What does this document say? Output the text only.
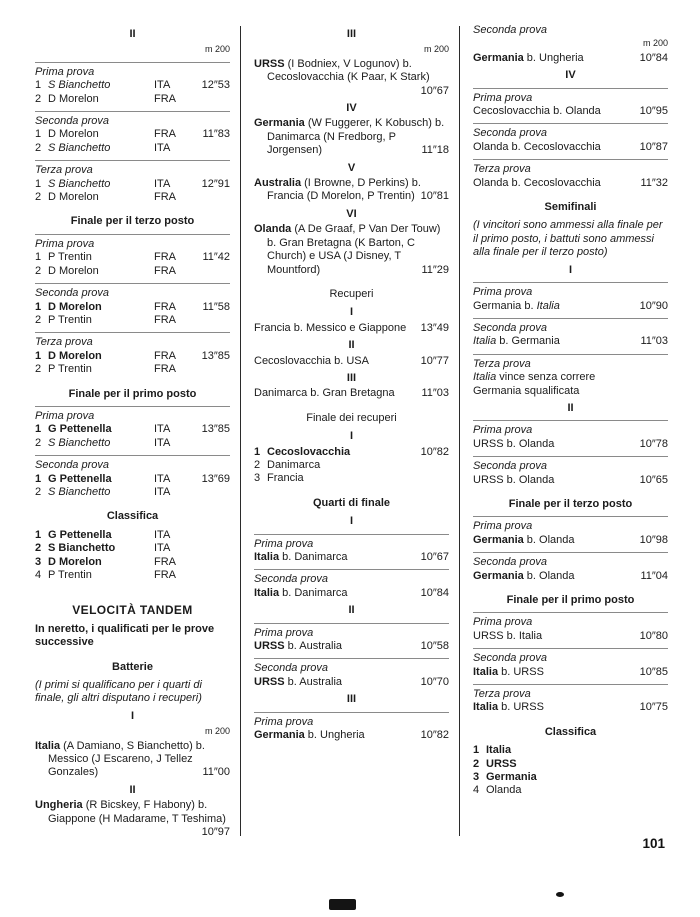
II
m 200
Prima prova
1 S Bianchetto	ITA	12″53
2 D Morelon	FRA
Seconda prova
1 D Morelon	FRA	11″83
2 S Bianchetto	ITA
Terza prova
1 S Bianchetto	ITA	12″91
2 D Morelon	FRA
Finale per il terzo posto
Prima prova
1 P Trentin	FRA	11″42
2 D Morelon	FRA
Seconda prova
1 D Morelon	FRA	11″58
2 P Trentin	FRA
Terza prova
1 D Morelon	FRA	13″85
2 P Trentin	FRA
Finale per il primo posto
Prima prova
1 G Pettenella	ITA	13″85
2 S Bianchetto	ITA
Seconda prova
1 G Pettenella	ITA	13″69
2 S Bianchetto	ITA
Classifica
1 G Pettenella	ITA
2 S Bianchetto	ITA
3 D Morelon	FRA
4 P Trentin	FRA
VELOCITÀ TANDEM
In neretto, i qualificati per le prove successive
Batterie
(I primi si qualificano per i quarti di finale, gli altri disputano i recuperi)
I
m 200
Italia (A Damiano, S Bianchetto) b. Messico (J Escareno, J Tellez Gonzales)	11″00
II
Ungheria (R Bicskey, F Habony) b. Giappone (H Madarame, T Teshima)
10″97
III
m 200
URSS (I Bodniex, V Logunov) b. Cecoslovacchia (K Paar, K Stark)
10″67
IV
Germania (W Fuggerer, K Kobusch) b. Danimarca (N Fredborg, P Jorgensen)	11″18
V
Australia (I Browne, D Perkins) b. Francia (D Morelon, P Trentin) 10″81
VI
Olanda (A De Graaf, P Van Der Touw) b. Gran Bretagna (K Barton, C Church) e USA (J Disney, T Mountford)	11″29
Recuperi
I
Francia b. Messico e Giappone 13″49
II
Cecoslovacchia b. USA	10″77
III
Danimarca b. Gran Bretagna 11″03
Finale dei recuperi
I
1 Cecoslovacchia	10″82
2 Danimarca
3 Francia
Quarti di finale
I
Prima prova
Italia b. Danimarca	10″67
Seconda prova
Italia b. Danimarca	10″84
II
Prima prova
URSS b. Australia	10″58
Seconda prova
URSS b. Australia	10″70
III
Prima prova
Germania b. Ungheria	10″82
Seconda prova
m 200
Germania b. Ungheria	10″84
IV
Prima prova
Cecoslovacchia b. Olanda	10″95
Seconda prova
Olanda b. Cecoslovacchia	10″87
Terza prova
Olanda b. Cecoslovacchia	11″32
Semifinali
(I vincitori sono ammessi alla finale per il primo posto, i battuti sono ammessi alla finale per il terzo posto)
I
Prima prova
Germania b. Italia	10″90
Seconda prova
Italia b. Germania	11″03
Terza prova
Italia vince senza correre
Germania squalificata
II
Prima prova
URSS b. Olanda	10″78
Seconda prova
URSS b. Olanda	10″65
Finale per il terzo posto
Prima prova
Germania b. Olanda	10″98
Seconda prova
Germania b. Olanda	11″04
Finale per il primo posto
Prima prova
URSS b. Italia	10″80
Seconda prova
Italia b. URSS	10″85
Terza prova
Italia b. URSS	10″75
Classifica
1 Italia
2 URSS
3 Germania
4 Olanda
101
